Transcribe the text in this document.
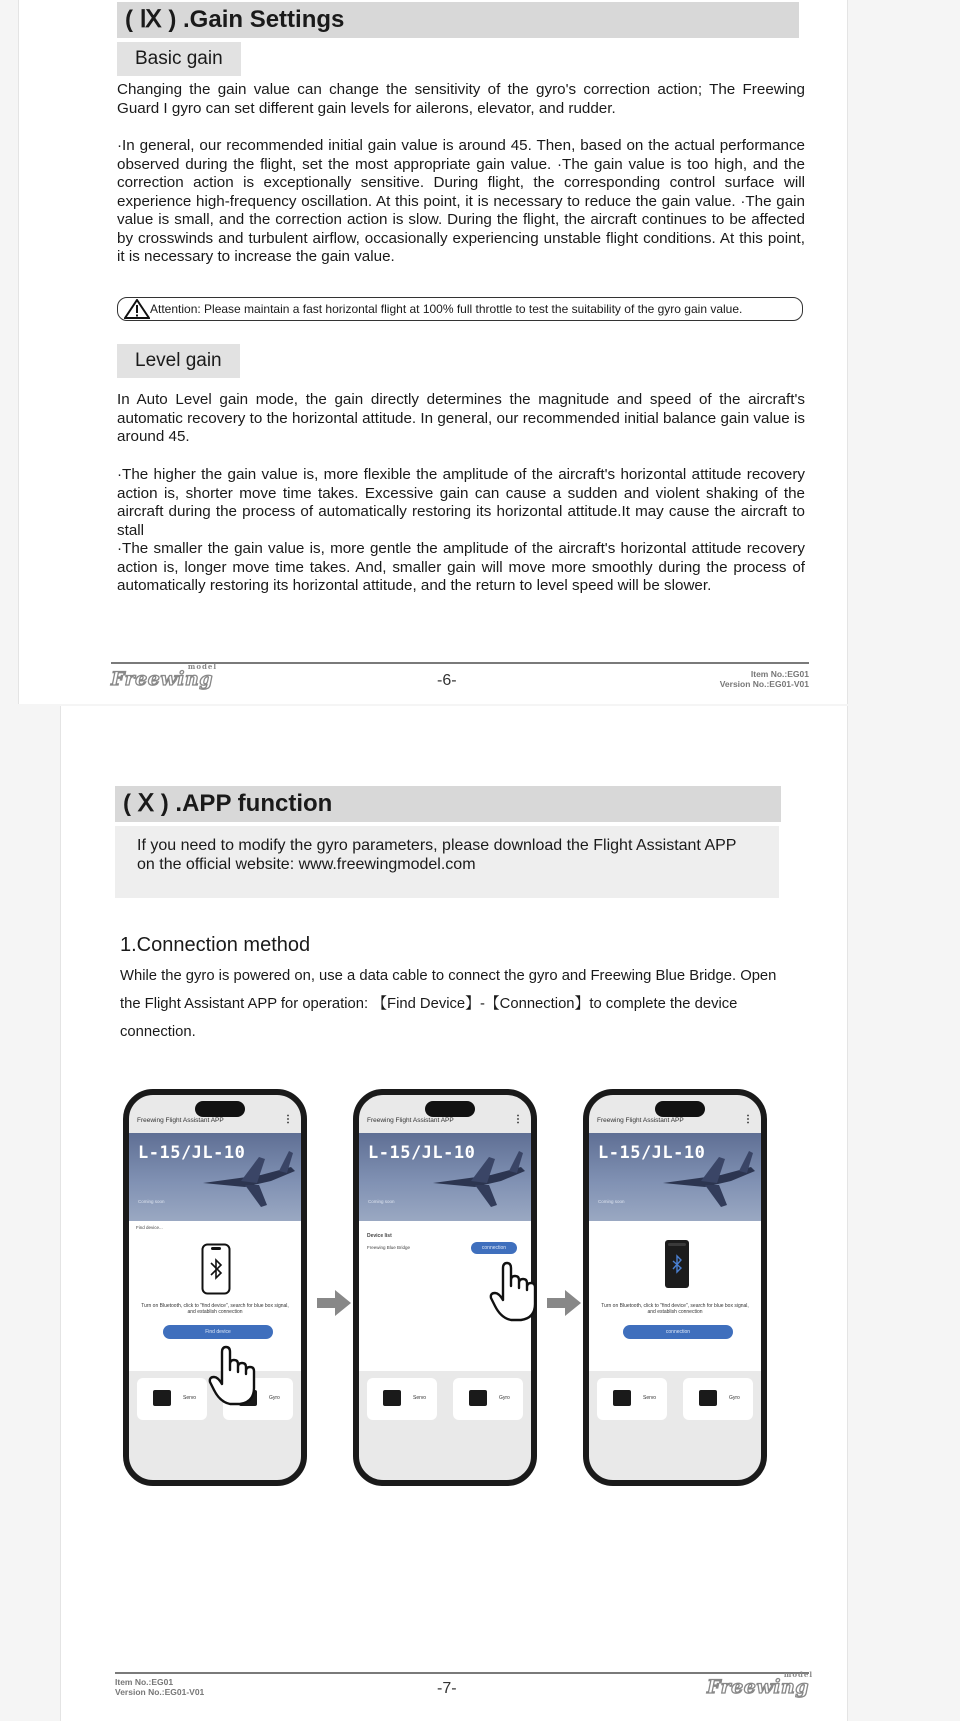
( Ⅸ ) .Gain Settings
Basic gain

Changing the gain value can change the sensitivity of the gyro's correction action; The Freewing Guard I gyro can set different gain levels for ailerons, elevator, and rudder.

·In general, our recommended initial gain value is around 45. Then, based on the actual performance observed during the flight, set the most appropriate gain value. ·The gain value is too high, and the correction action is exceptionally sensitive. During flight, the corresponding control surface will experience high-frequency oscillation. At this point, it is necessary to reduce the gain value. ·The gain value is small, and the correction action is slow. During the flight, the aircraft continues to be affected by crosswinds and turbulent airflow, occasionally experiencing unstable flight conditions. At this point, it is necessary to increase the gain value.

Attention: Please maintain a fast horizontal flight at 100% full throttle to test the suitability of the gyro gain value.
Level gain

In Auto Level gain mode, the gain directly determines the magnitude and speed of the aircraft's automatic recovery to the horizontal attitude. In general, our recommended initial balance gain value is around 45.

·The higher the gain value is, more flexible the amplitude of the aircraft's horizontal attitude recovery action is, shorter move time takes. Excessive gain can cause a sudden and violent shaking of the aircraft during the process of automatically restoring its horizontal attitude.It may cause the aircraft to stall

·The smaller the gain value is, more gentle the amplitude of the aircraft's horizontal attitude recovery action is, longer move time takes. And, smaller gain will move more smoothly during the process of automatically restoring its horizontal attitude, and the return to level speed will be slower.

Freewing
model
-6-	Item No.:EG01
Version No.:EG01-V01
( Ⅹ ) .APP function
If you need to modify the gyro parameters, please download the Flight Assistant APP on the official website: www.freewingmodel.com
1.Connection method

While the gyro is powered on, use a data cable to connect the gyro and Freewing Blue Bridge. Open the Flight Assistant APP for operation: 【Find Device】-【Connection】to complete the device connection.

Freewing Flight Assistant APP	⋮
L-15/JL-10
Coming soon
Find device...
Turn on Bluetooth, click to "find device", search for blue box signal, and establish connection
Find device
Servo	Gyro
Freewing Flight Assistant APP	⋮
L-15/JL-10
Coming soon
Device list
Freewing Blue Bridge	connection
Servo	Gyro
Freewing Flight Assistant APP	⋮
L-15/JL-10
Coming soon
Turn on Bluetooth, click to "find device", search for blue box signal, and establish connection
connection
Servo	Gyro
Item No.:EG01
Version No.:EG01-V01	-7-	Freewing
model
